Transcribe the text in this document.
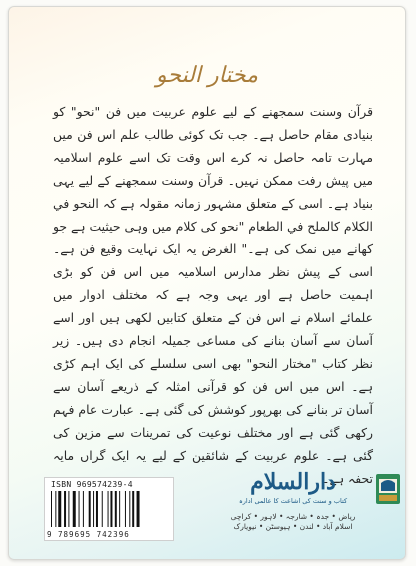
مختار النحو

قرآن وسنت سمجھنے کے لیے علوم عربیت میں فن "نحو" کو بنیادی مقام حاصل ہے۔ جب تک کوئی طالب علم اس فن میں مہارت تامہ حاصل نہ کرے اس وقت تک اسے علوم اسلامیہ میں پیش رفت ممکن نہیں۔ قرآن وسنت سمجھنے کے لیے یہی بنیاد ہے۔ اسی کے متعلق مشہور زمانہ مقولہ ہے کہ النحو في الكلام كالملح في الطعام "نحو کی کلام میں وہی حیثیت ہے جو کھانے میں نمک کی ہے۔" الغرض یہ ایک نہایت وقیع فن ہے۔ اسی کے پیش نظر مدارس اسلامیہ میں اس فن کو بڑی اہمیت حاصل ہے اور یہی وجہ ہے کہ مختلف ادوار میں علمائے اسلام نے اس فن کے متعلق کتابیں لکھی ہیں اور اسے آسان سے آسان بنانے کی مساعی جمیلہ انجام دی ہیں۔ زیر نظر کتاب "مختار النحو" بھی اسی سلسلے کی ایک اہم کڑی ہے۔ اس میں اس فن کو قرآنی امثلہ کے ذریعے آسان سے آسان تر بنانے کی بھرپور کوشش کی گئی ہے۔ عبارت عام فہم رکھی گئی ہے اور مختلف نوعیت کی تمرینات سے مزین کی گئی ہے۔ علوم عربیت کے شائقین کے لیے یہ ایک گراں مایہ تحفہ ہے۔

ISBN 969574239-4
9 789695 742396
دارالسلام
کتاب و سنت کی اشاعت کا عالمی ادارہ
ریاض • جدہ • شارجہ • لاہور • کراچی
اسلام آباد • لندن • ہیوسٹن • نیویارک
